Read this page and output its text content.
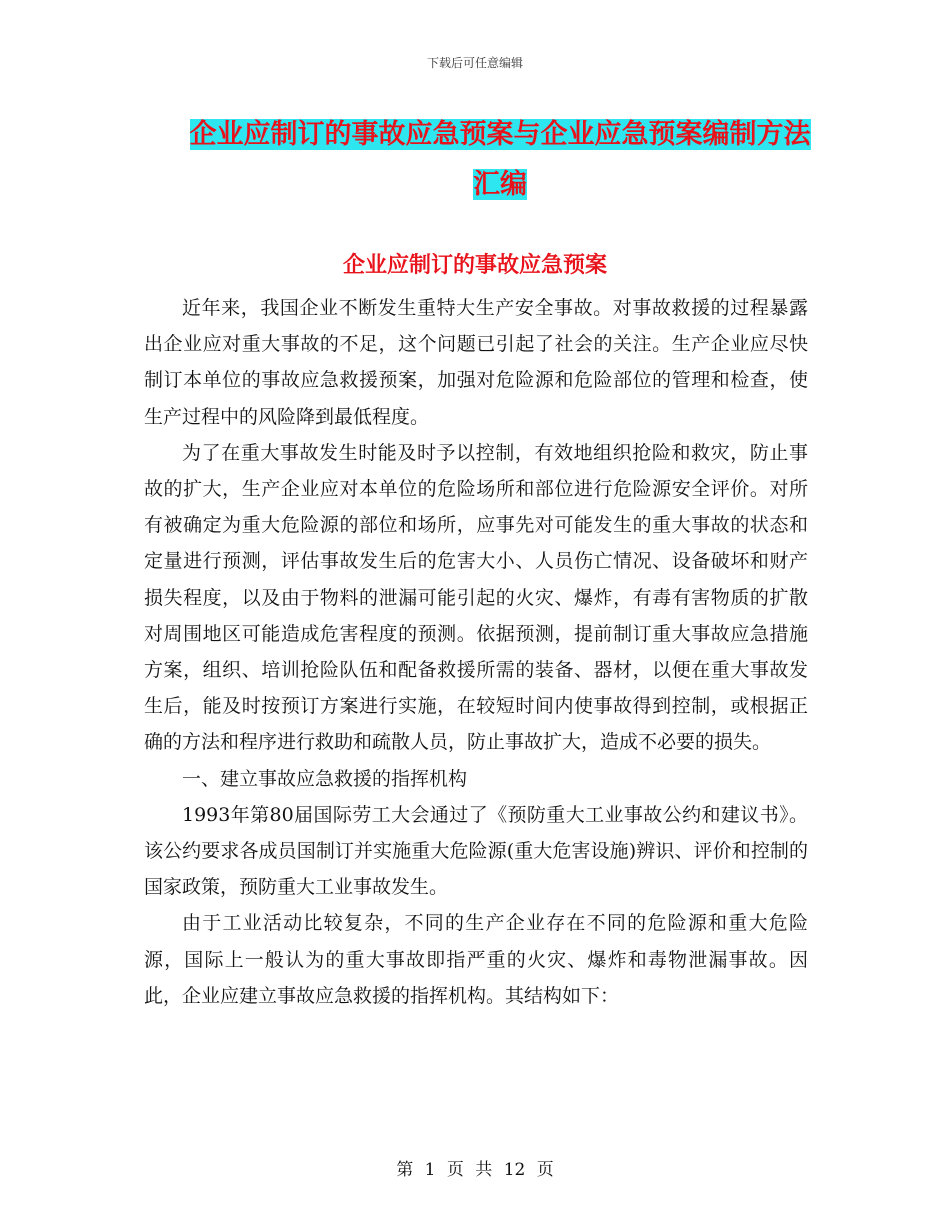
下载后可任意编辑
企业应制订的事故应急预案与企业应急预案编制方法
汇编
企业应制订的事故应急预案

近年来，我国企业不断发生重特大生产安全事故。对事故救援的过程暴露出企业应对重大事故的不足，这个问题已引起了社会的关注。生产企业应尽快制订本单位的事故应急救援预案，加强对危险源和危险部位的管理和检查，使生产过程中的风险降到最低程度。

为了在重大事故发生时能及时予以控制，有效地组织抢险和救灾，防止事故的扩大，生产企业应对本单位的危险场所和部位进行危险源安全评价。对所有被确定为重大危险源的部位和场所，应事先对可能发生的重大事故的状态和定量进行预测，评估事故发生后的危害大小、人员伤亡情况、设备破坏和财产损失程度，以及由于物料的泄漏可能引起的火灾、爆炸，有毒有害物质的扩散对周围地区可能造成危害程度的预测。依据预测，提前制订重大事故应急措施方案，组织、培训抢险队伍和配备救援所需的装备、器材，以便在重大事故发生后，能及时按预订方案进行实施，在较短时间内使事故得到控制，或根据正确的方法和程序进行救助和疏散人员，防止事故扩大，造成不必要的损失。

一、建立事故应急救援的指挥机构

1993年第80届国际劳工大会通过了《预防重大工业事故公约和建议书》。该公约要求各成员国制订并实施重大危险源(重大危害设施)辨识、评价和控制的国家政策，预防重大工业事故发生。

由于工业活动比较复杂，不同的生产企业存在不同的危险源和重大危险源，国际上一般认为的重大事故即指严重的火灾、爆炸和毒物泄漏事故。因此，企业应建立事故应急救援的指挥机构。其结构如下：

第 1 页 共 12 页
